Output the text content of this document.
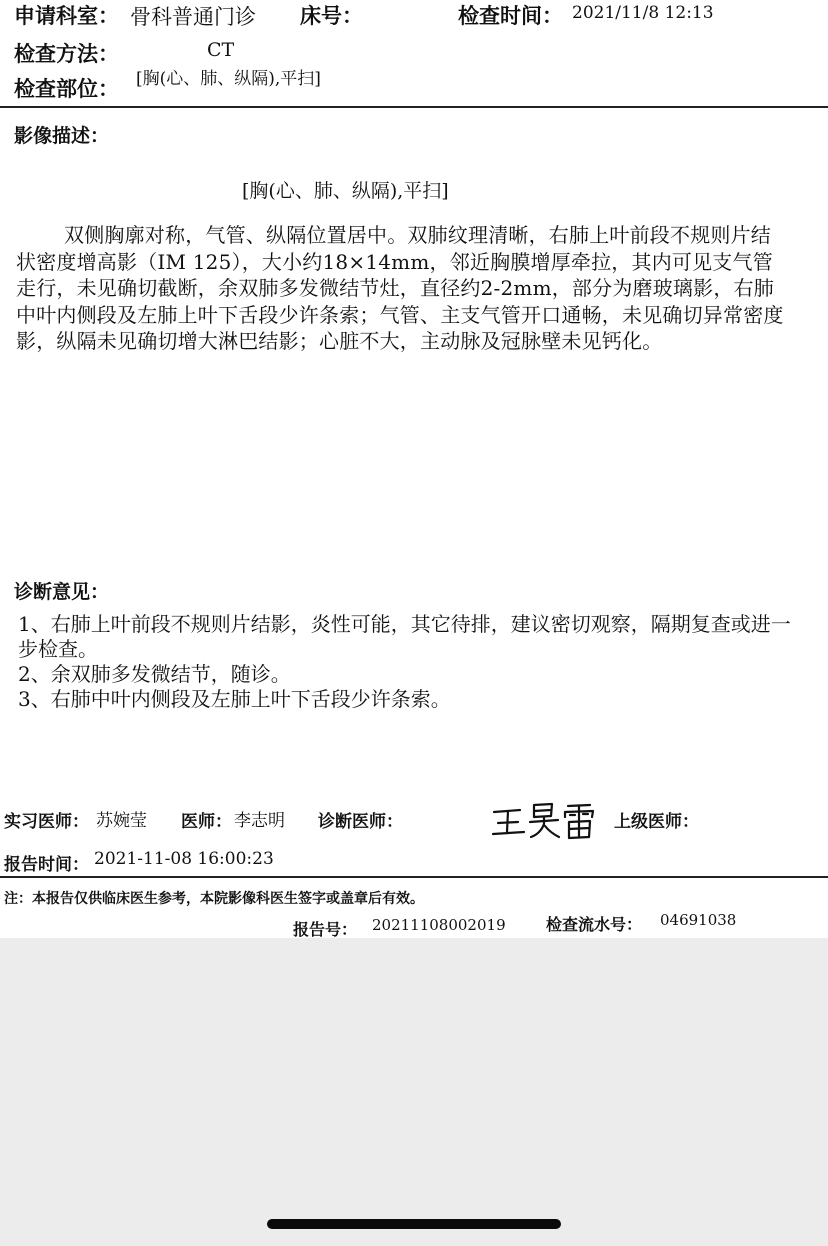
申请科室： 骨科普通门诊 床号：	检查时间： 2021/11/8 12:13
检查方法：	CT
检查部位： [胸(心、肺、纵隔),平扫]
影像描述：
[胸(心、肺、纵隔),平扫]
双侧胸廓对称，气管、纵隔位置居中。双肺纹理清晰，右肺上叶前段不规则片结状密度增高影（IM 125），大小约18×14mm，邻近胸膜增厚牵拉，其内可见支气管走行，未见确切截断，余双肺多发微结节灶，直径约2-2mm，部分为磨玻璃影，右肺中叶内侧段及左肺上叶下舌段少许条索；气管、主支气管开口通畅，未见确切异常密度影，纵隔未见确切增大淋巴结影；心脏不大，主动脉及冠脉壁未见钙化。
诊断意见：
1、右肺上叶前段不规则片结影，炎性可能，其它待排，建议密切观察，隔期复查或进一步检查。
2、余双肺多发微结节，随诊。
3、右肺中叶内侧段及左肺上叶下舌段少许条索。
实习医师： 苏婉莹 医师： 李志明 诊断医师：	上级医师：
报告时间： 2021-11-08 16:00:23
注：本报告仅供临床医生参考，本院影像科医生签字或盖章后有效。
报告号： 20211108002019	检查流水号： 04691038
